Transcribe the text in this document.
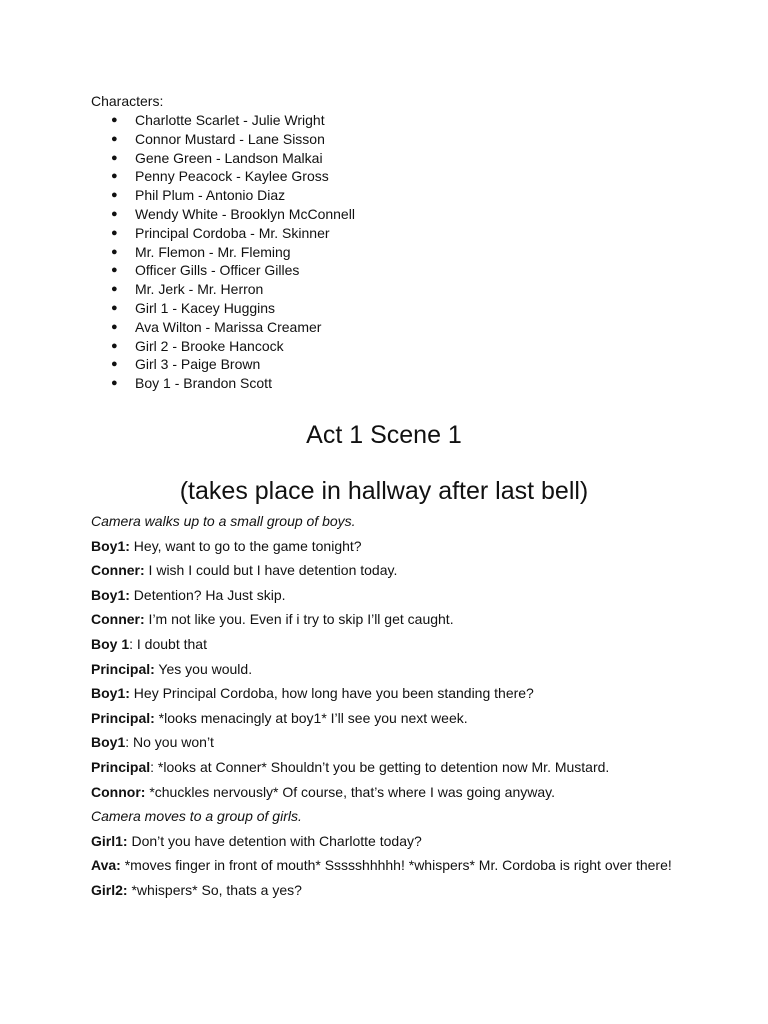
Characters:
●	Charlotte Scarlet - Julie Wright
●	Connor Mustard - Lane Sisson
●	Gene Green - Landson Malkai
●	Penny Peacock - Kaylee Gross
●	Phil Plum - Antonio Diaz
●	Wendy White - Brooklyn McConnell
●	Principal Cordoba - Mr. Skinner
●	Mr. Flemon - Mr. Fleming
●	Officer Gills - Officer Gilles
●	Mr. Jerk - Mr. Herron
●	Girl 1 - Kacey Huggins
●	Ava Wilton - Marissa Creamer
●	Girl 2 - Brooke Hancock
●	Girl 3 - Paige Brown
●	Boy 1 - Brandon Scott
Act 1 Scene 1
(takes place in hallway after last bell)
Camera walks up to a small group of boys.
Boy1: Hey, want to go to the game tonight?
Conner: I wish I could but I have detention today.
Boy1: Detention? Ha Just skip.
Conner: I’m not like you. Even if i try to skip I’ll get caught.
Boy 1: I doubt that
Principal: Yes you would.
Boy1: Hey Principal Cordoba, how long have you been standing there?
Principal: *looks menacingly at boy1* I’ll see you next week.
Boy1: No you won’t
Principal: *looks at Conner* Shouldn’t you be getting to detention now Mr. Mustard.
Connor: *chuckles nervously* Of course, that’s where I was going anyway.
Camera moves to a group of girls.
Girl1: Don’t you have detention with Charlotte today?
Ava: *moves finger in front of mouth* Ssssshhhhh! *whispers* Mr. Cordoba is right over there!
Girl2: *whispers* So, thats a yes?
